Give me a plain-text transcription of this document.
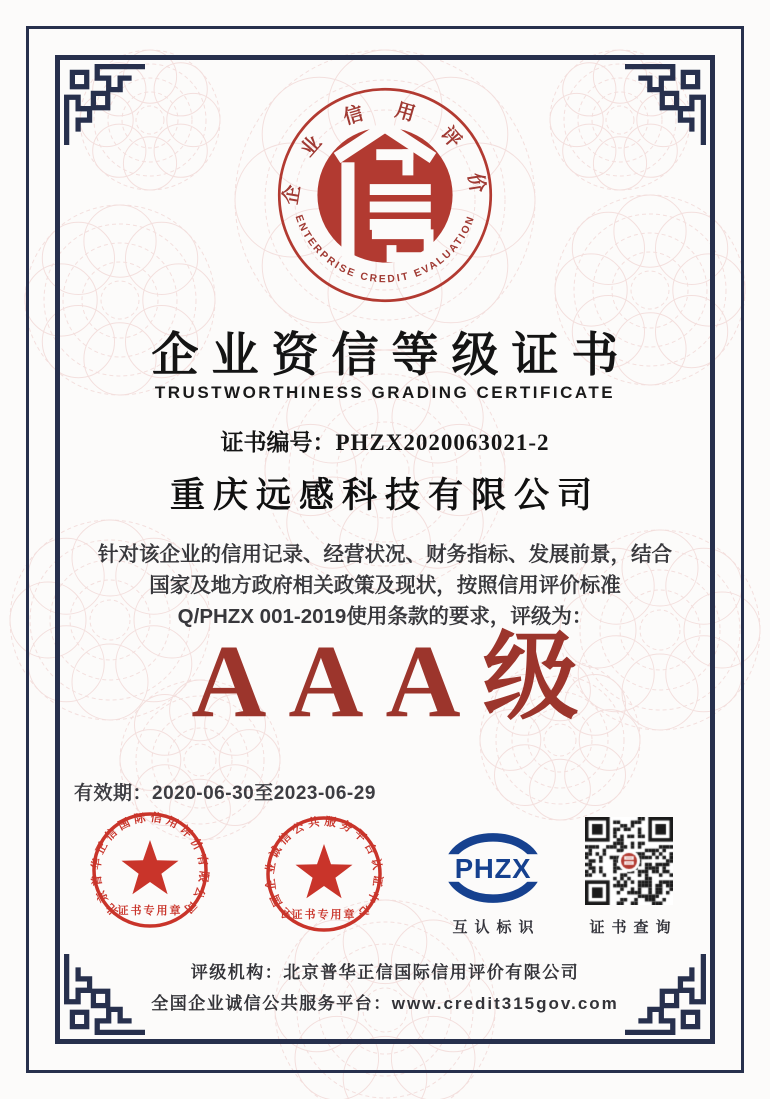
企 业 信 用 评 价
ENTERPRISE CREDIT EVALUATION
企业资信等级证书
TRUSTWORTHINESS GRADING CERTIFICATE
证书编号：PHZX2020063021-2
重庆远感科技有限公司
针对该企业的信用记录、经营状况、财务指标、发展前景，结合
国家及地方政府相关政策及现状，按照信用评价标准
Q/PHZX 001-2019使用条款的要求，评级为：
AAA级
有效期：2020-06-30至2023-06-29
北京普华正信国际信用评价有限公司
证书专用章	全国企业诚信公共服务平台认证中心
证书专用章
PHZX
互认标识	证书查询
评级机构：北京普华正信国际信用评价有限公司
全国企业诚信公共服务平台：www.credit315gov.com
